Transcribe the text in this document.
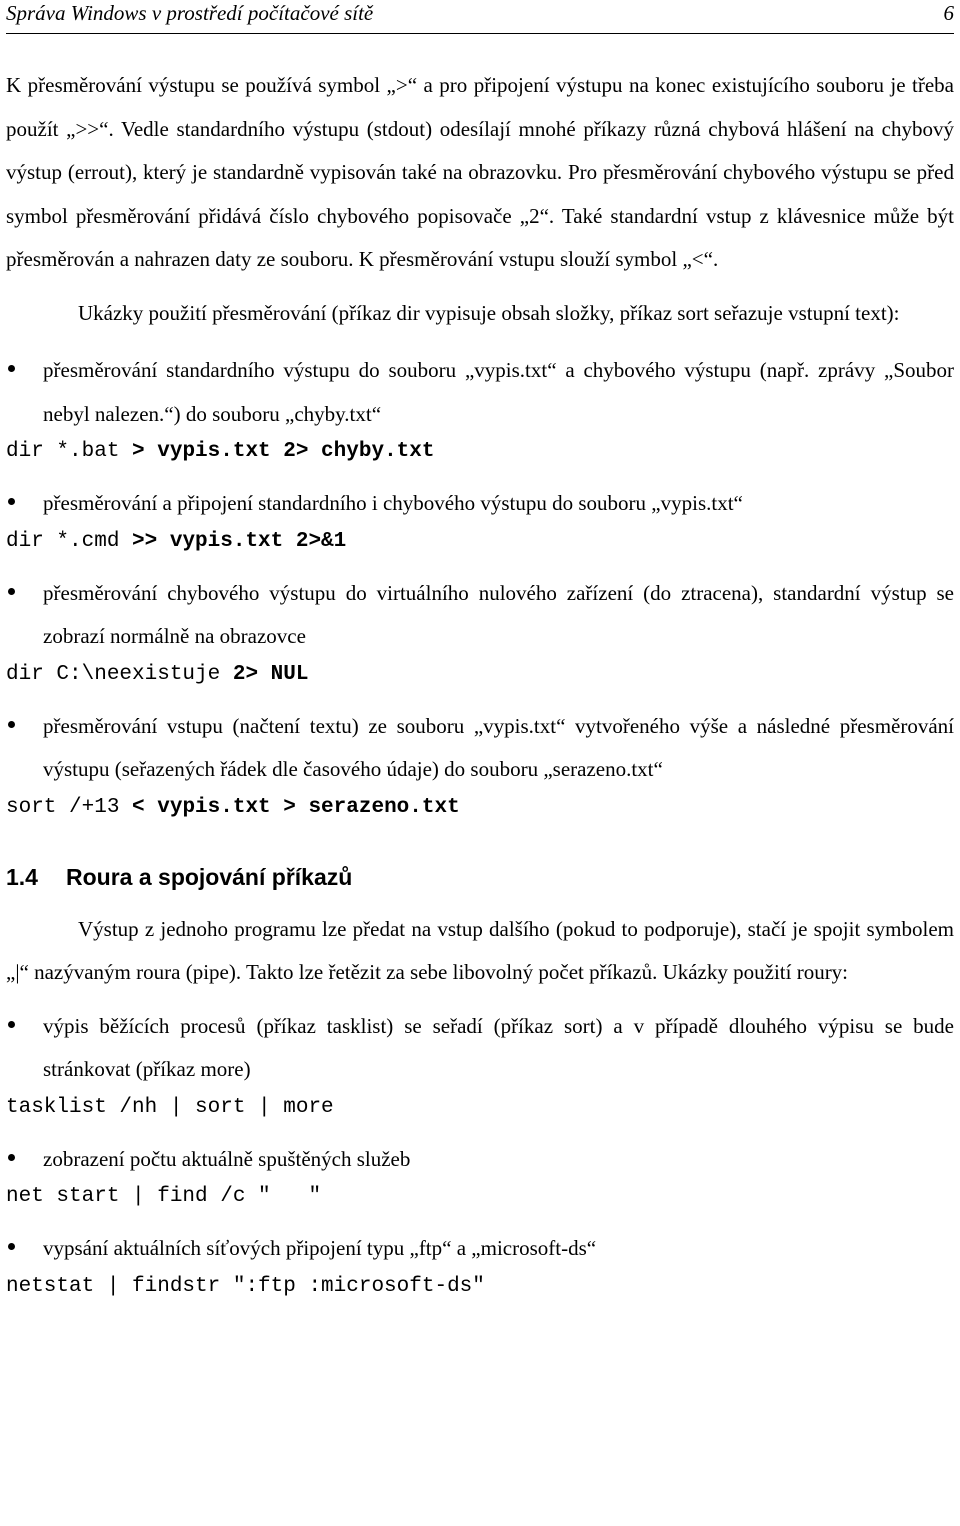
Správa Windows v prostředí počítačové sítě	6

K přesměrování výstupu se používá symbol „>“ a pro připojení výstupu na konec existujícího souboru je třeba použít „>>“. Vedle standardního výstupu (stdout) odesílají mnohé příkazy různá chybová hlášení na chybový výstup (errout), který je standardně vypisován také na obrazovku. Pro přesměrování chybového výstupu se před symbol přesměrování přidává číslo chybového popisovače „2“. Také standardní vstup z klávesnice může být přesměrován a nahrazen daty ze souboru. K přesměrování vstupu slouží symbol „<“.

Ukázky použití přesměrování (příkaz dir vypisuje obsah složky, příkaz sort seřazuje vstupní text):

přesměrování standardního výstupu do souboru „vypis.txt“ a chybového výstupu (např. zprávy „Soubor nebyl nalezen.“) do souboru „chyby.txt“
dir *.bat > vypis.txt 2> chyby.txt
přesměrování a připojení standardního i chybového výstupu do souboru „vypis.txt“
dir *.cmd >> vypis.txt 2>&1
přesměrování chybového výstupu do virtuálního nulového zařízení (do ztracena), standardní výstup se zobrazí normálně na obrazovce
dir C:\neexistuje 2> NUL
přesměrování vstupu (načtení textu) ze souboru „vypis.txt“ vytvořeného výše a následné přesměrování výstupu (seřazených řádek dle časového údaje) do souboru „serazeno.txt“
sort /+13 < vypis.txt > serazeno.txt
1.4 Roura a spojování příkazů

Výstup z jednoho programu lze předat na vstup dalšího (pokud to podporuje), stačí je spojit symbolem „|“ nazývaným roura (pipe). Takto lze řetězit za sebe libovolný počet příkazů. Ukázky použití roury:

výpis běžících procesů (příkaz tasklist) se seřadí (příkaz sort) a v případě dlouhého výpisu se bude stránkovat (příkaz more)
tasklist /nh | sort | more
zobrazení počtu aktuálně spuštěných služeb
net start | find /c "   "
vypsání aktuálních síťových připojení typu „ftp“ a „microsoft-ds“
netstat | findstr ":ftp :microsoft-ds"
